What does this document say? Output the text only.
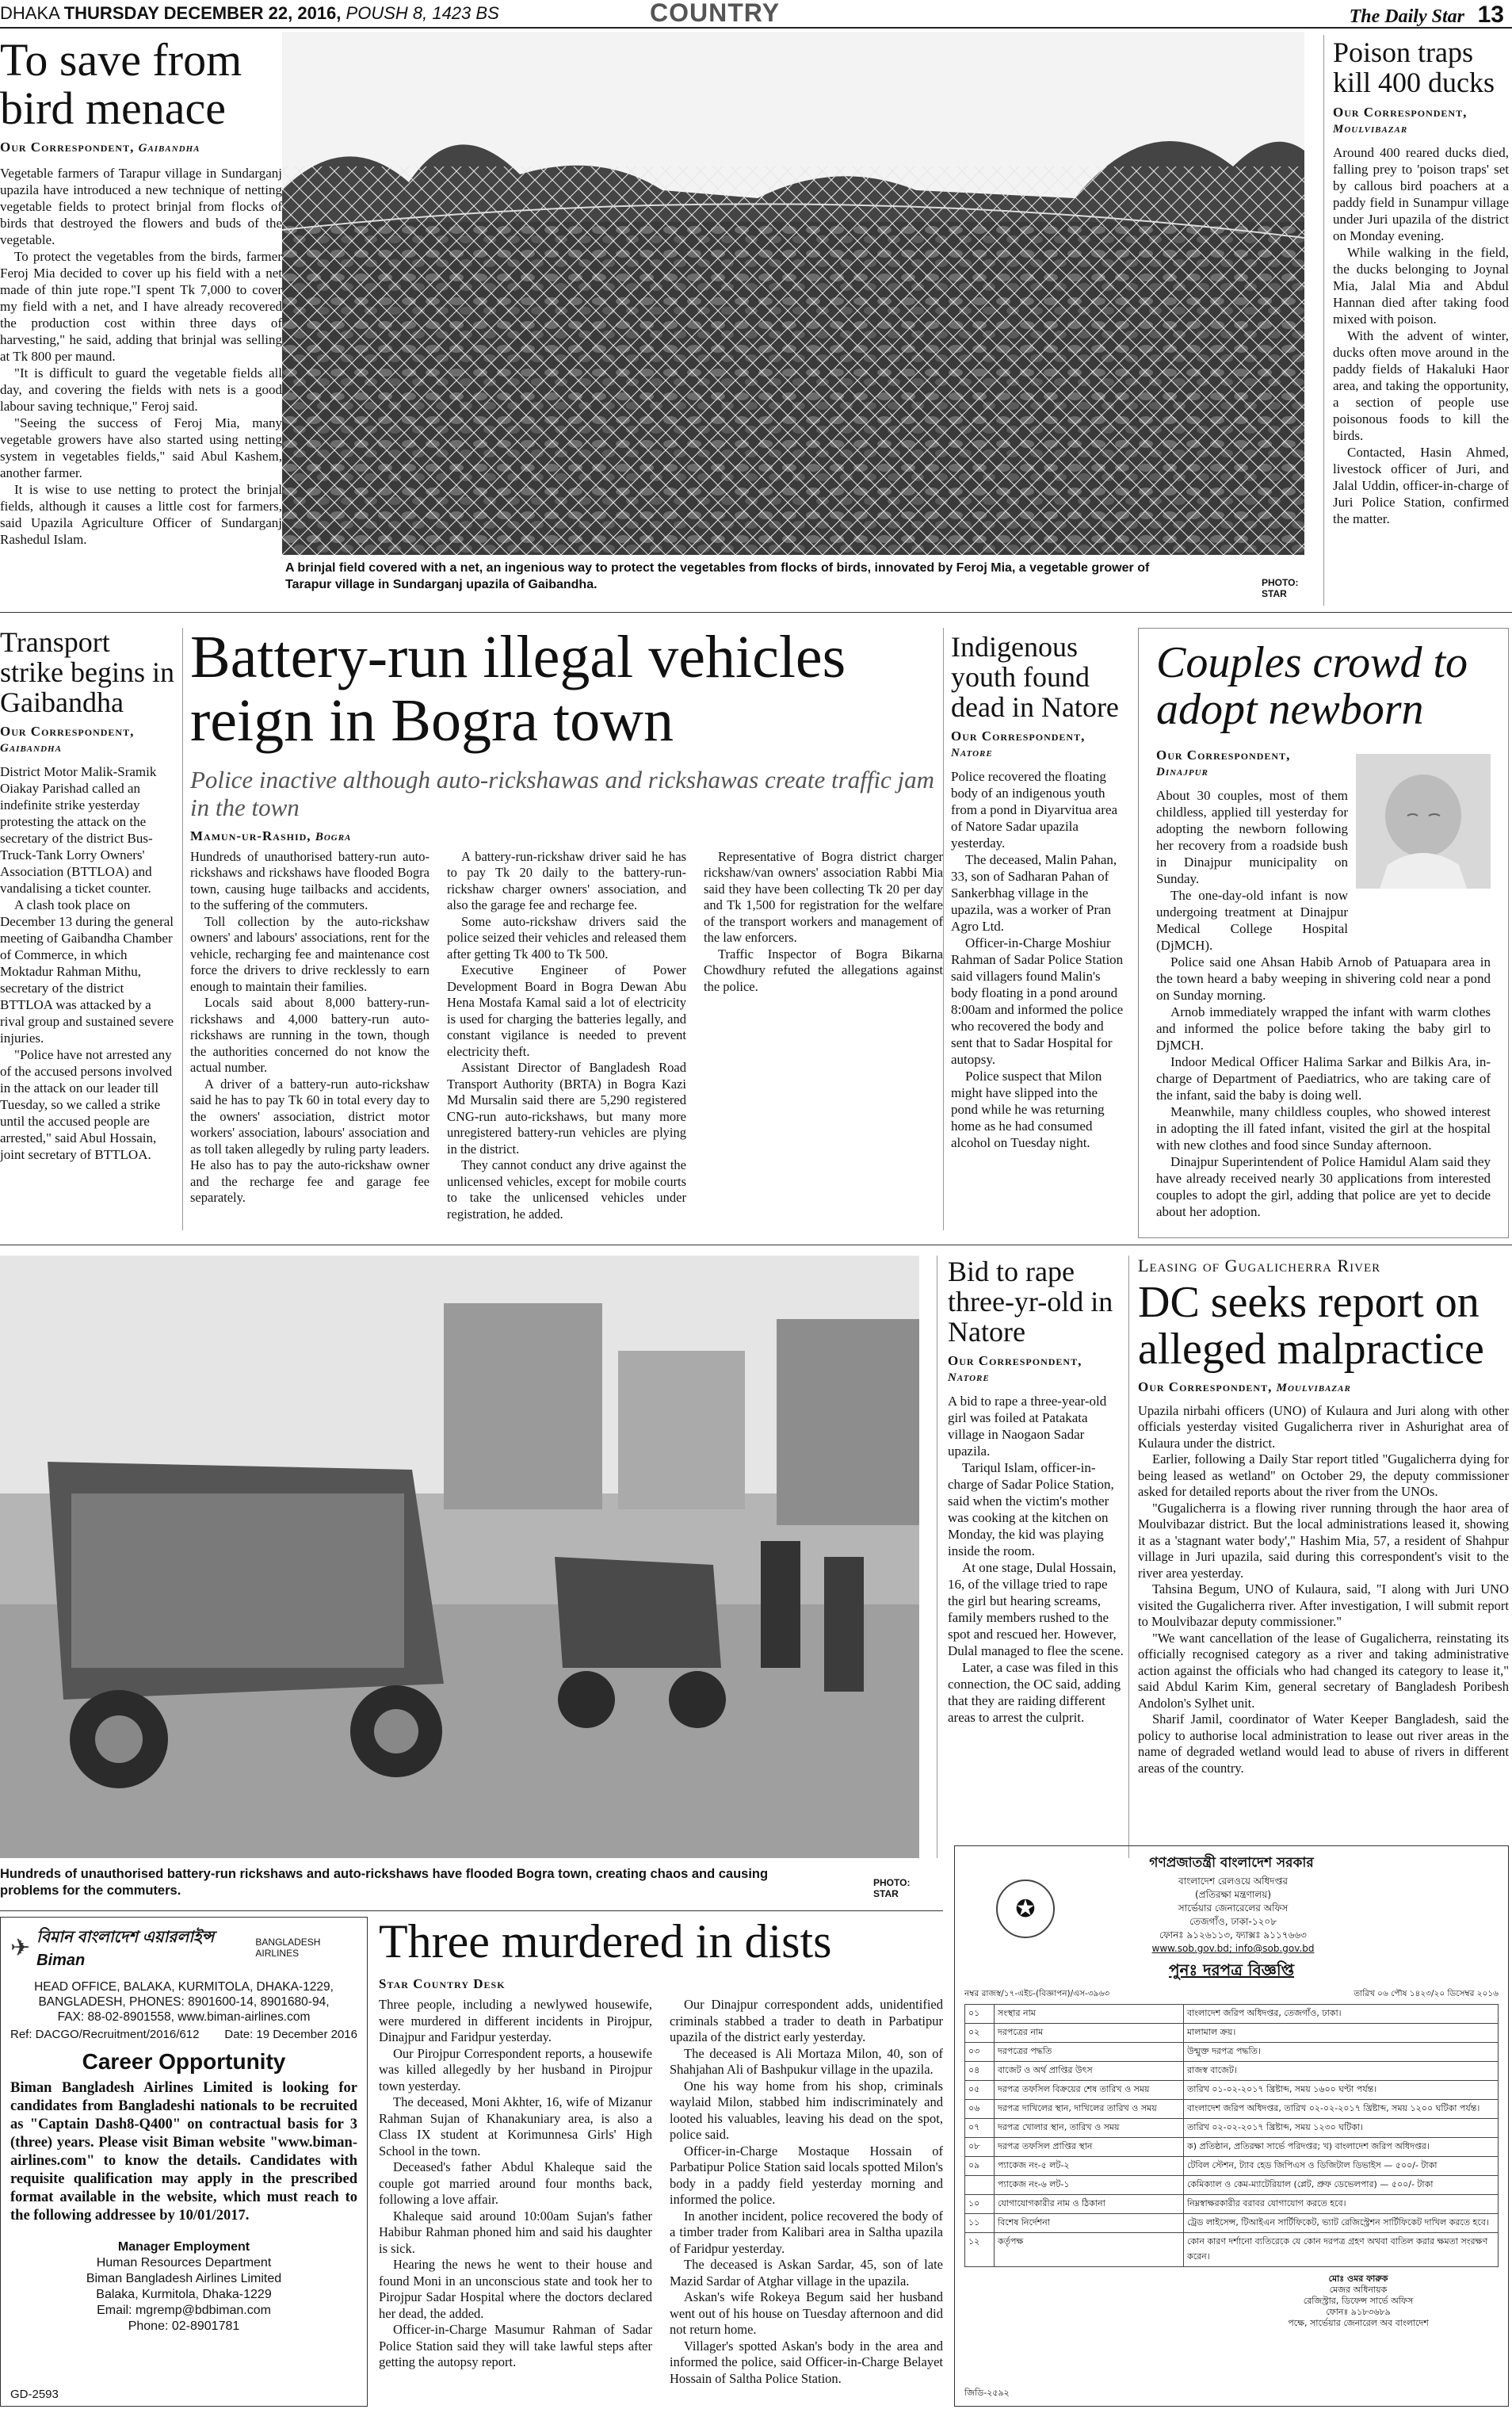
DHAKA THURSDAY DECEMBER 22, 2016, POUSH 8, 1423 BS	COUNTRY	The Daily Star 13
To save from bird menace
Our Correspondent, Gaibandha

Vegetable farmers of Tarapur village in Sundarganj upazila have introduced a new technique of netting vegetable fields to protect brinjal from flocks of birds that destroyed the flowers and buds of the vegetable.

To protect the vegetables from the birds, farmer Feroj Mia decided to cover up his field with a net made of thin jute rope."I spent Tk 7,000 to cover my field with a net, and I have already recovered the production cost within three days of harvesting," he said, adding that brinjal was selling at Tk 800 per maund.

"It is difficult to guard the vegetable fields all day, and covering the fields with nets is a good labour saving technique," Feroj said.

"Seeing the success of Feroj Mia, many vegetable growers have also started using netting system in vegetables fields," said Abul Kashem, another farmer.

It is wise to use netting to protect the brinjal fields, although it causes a little cost for farmers, said Upazila Agriculture Officer of Sundarganj Rashedul Islam.

A brinjal field covered with a net, an ingenious way to protect the vegetables from flocks of birds, innovated by Feroj Mia, a vegetable grower of Tarapur village in Sundarganj upazila of Gaibandha.	PHOTO: STAR
Poison traps kill 400 ducks
Our Correspondent,
Moulvibazar

Around 400 reared ducks died, falling prey to 'poison traps' set by callous bird poachers at a paddy field in Sunampur village under Juri upazila of the district on Monday evening.

While walking in the field, the ducks belonging to Joynal Mia, Jalal Mia and Abdul Hannan died after taking food mixed with poison.

With the advent of winter, ducks often move around in the paddy fields of Hakaluki Haor area, and taking the opportunity, a section of people use poisonous foods to kill the birds.

Contacted, Hasin Ahmed, livestock officer of Juri, and Jalal Uddin, officer-in-charge of Juri Police Station, confirmed the matter.

Transport strike begins in Gaibandha
Our Correspondent,
Gaibandha

District Motor Malik-Sramik Oiakay Parishad called an indefinite strike yesterday protesting the attack on the secretary of the district Bus-Truck-Tank Lorry Owners' Association (BTTLOA) and vandalising a ticket counter.

A clash took place on December 13 during the general meeting of Gaibandha Chamber of Commerce, in which Moktadur Rahman Mithu, secretary of the district BTTLOA was attacked by a rival group and sustained severe injuries.

"Police have not arrested any of the accused persons involved in the attack on our leader till Tuesday, so we called a strike until the accused people are arrested," said Abul Hossain, joint secretary of BTTLOA.

Battery-run illegal vehicles reign in Bogra town
Police inactive although auto-rickshawas and rickshawas create traffic jam in the town
Mamun-ur-Rashid, Bogra

Hundreds of unauthorised battery-run auto-rickshaws and rickshaws have flooded Bogra town, causing huge tailbacks and accidents, to the suffering of the commuters.

Toll collection by the auto-rickshaw owners' and labours' associations, rent for the vehicle, recharging fee and maintenance cost force the drivers to drive recklessly to earn enough to maintain their families.

Locals said about 8,000 battery-run-rickshaws and 4,000 battery-run auto-rickshaws are running in the town, though the authorities concerned do not know the actual number.

A driver of a battery-run auto-rickshaw said he has to pay Tk 60 in total every day to the owners' association, district motor workers' association, labours' association and as toll taken allegedly by ruling party leaders. He also has to pay the auto-rickshaw owner and the recharge fee and garage fee separately.

A battery-run-rickshaw driver said he has to pay Tk 20 daily to the battery-run-rickshaw charger owners' association, and also the garage fee and recharge fee.

Some auto-rickshaw drivers said the police seized their vehicles and released them after getting Tk 400 to Tk 500.

Executive Engineer of Power Development Board in Bogra Dewan Abu Hena Mostafa Kamal said a lot of electricity is used for charging the batteries legally, and constant vigilance is needed to prevent electricity theft.

Assistant Director of Bangladesh Road Transport Authority (BRTA) in Bogra Kazi Md Mursalin said there are 5,290 registered CNG-run auto-rickshaws, but many more unregistered battery-run vehicles are plying in the district.

They cannot conduct any drive against the unlicensed vehicles, except for mobile courts to take the unlicensed vehicles under registration, he added.

Representative of Bogra district charger rickshaw/van owners' association Rabbi Mia said they have been collecting Tk 20 per day and Tk 1,500 for registration for the welfare of the transport workers and management of the law enforcers.

Traffic Inspector of Bogra Bikarna Chowdhury refuted the allegations against the police.

Indigenous youth found dead in Natore
Our Correspondent, Natore

Police recovered the floating body of an indigenous youth from a pond in Diyarvitua area of Natore Sadar upazila yesterday.

The deceased, Malin Pahan, 33, son of Sadharan Pahan of Sankerbhag village in the upazila, was a worker of Pran Agro Ltd.

Officer-in-Charge Moshiur Rahman of Sadar Police Station said villagers found Malin's body floating in a pond around 8:00am and informed the police who recovered the body and sent that to Sadar Hospital for autopsy.

Police suspect that Milon might have slipped into the pond while he was returning home as he had consumed alcohol on Tuesday night.

Couples crowd to adopt newborn
Our Correspondent,
Dinajpur

About 30 couples, most of them childless, applied till yesterday for adopting the newborn following her recovery from a roadside bush in Dinajpur municipality on Sunday.

The one-day-old infant is now undergoing treatment at Dinajpur Medical College Hospital (DjMCH).

Police said one Ahsan Habib Arnob of Patuapara area in the town heard a baby weeping in shivering cold near a pond on Sunday morning.

Arnob immediately wrapped the infant with warm clothes and informed the police before taking the baby girl to DjMCH.

Indoor Medical Officer Halima Sarkar and Bilkis Ara, in-charge of Department of Paediatrics, who are taking care of the infant, said the baby is doing well.

Meanwhile, many childless couples, who showed interest in adopting the ill fated infant, visited the girl at the hospital with new clothes and food since Sunday afternoon.

Dinajpur Superintendent of Police Hamidul Alam said they have already received nearly 30 applications from interested couples to adopt the girl, adding that police are yet to decide about her adoption.

Hundreds of unauthorised battery-run rickshaws and auto-rickshaws have flooded Bogra town, creating chaos and causing problems for the commuters.
PHOTO: STAR
Bid to rape three-yr-old in Natore
Our Correspondent,
Natore

A bid to rape a three-year-old girl was foiled at Patakata village in Naogaon Sadar upazila.

Tariqul Islam, officer-in-charge of Sadar Police Station, said when the victim's mother was cooking at the kitchen on Monday, the kid was playing inside the room.

At one stage, Dulal Hossain, 16, of the village tried to rape the girl but hearing screams, family members rushed to the spot and rescued her. However, Dulal managed to flee the scene.

Later, a case was filed in this connection, the OC said, adding that they are raiding different areas to arrest the culprit.

Leasing of Gugalicherra River
DC seeks report on alleged malpractice
Our Correspondent, Moulvibazar

Upazila nirbahi officers (UNO) of Kulaura and Juri along with other officials yesterday visited Gugalicherra river in Ashurighat area of Kulaura under the district.

Earlier, following a Daily Star report titled "Gugalicherra dying for being leased as wetland" on October 29, the deputy commissioner asked for detailed reports about the river from the UNOs.

"Gugalicherra is a flowing river running through the haor area of Moulvibazar district. But the local administrations leased it, showing it as a 'stagnant water body'," Hashim Mia, 57, a resident of Shahpur village in Juri upazila, said during this correspondent's visit to the river area yesterday.

Tahsina Begum, UNO of Kulaura, said, "I along with Juri UNO visited the Gugalicherra river. After investigation, I will submit report to Moulvibazar deputy commissioner."

"We want cancellation of the lease of Gugalicherra, reinstating its officially recognised category as a river and taking administrative action against the officials who had changed its category to lease it," said Abdul Karim Kim, general secretary of Bangladesh Poribesh Andolon's Sylhet unit.

Sharif Jamil, coordinator of Water Keeper Bangladesh, said the policy to authorise local administration to lease out river areas in the name of degraded wetland would lead to abuse of rivers in different areas of the country.

✈ বিমান বাংলাদেশ এয়ারলাইন্স Biman
BANGLADESH AIRLINES
HEAD OFFICE, BALAKA, KURMITOLA, DHAKA-1229,
BANGLADESH, PHONES: 8901600-14, 8901680-94,
FAX: 88-02-8901558, www.biman-airlines.com
Ref: DACGO/Recruitment/2016/612 Date: 19 December 2016
Career Opportunity
Biman Bangladesh Airlines Limited is looking for candidates from Bangladeshi nationals to be recruited as "Captain Dash8-Q400" on contractual basis for 3 (three) years. Please visit Biman website "www.biman-airlines.com" to know the details. Candidates with requisite qualification may apply in the prescribed format available in the website, which must reach to the following addressee by 10/01/2017.
Manager Employment
Human Resources Department
Biman Bangladesh Airlines Limited
Balaka, Kurmitola, Dhaka-1229
Email: mgremp@bdbiman.com
Phone: 02-8901781
GD-2593
Three murdered in dists
Star Country Desk

Three people, including a newlywed housewife, were murdered in different incidents in Pirojpur, Dinajpur and Faridpur yesterday.

Our Pirojpur Correspondent reports, a housewife was killed allegedly by her husband in Pirojpur town yesterday.

The deceased, Moni Akhter, 16, wife of Mizanur Rahman Sujan of Khanakuniary area, is also a Class IX student at Korimunnesa Girls' High School in the town.

Deceased's father Abdul Khaleque said the couple got married around four months back, following a love affair.

Khaleque said around 10:00am Sujan's father Habibur Rahman phoned him and said his daughter is sick.

Hearing the news he went to their house and found Moni in an unconscious state and took her to Pirojpur Sadar Hospital where the doctors declared her dead, the added.

Officer-in-Charge Masumur Rahman of Sadar Police Station said they will take lawful steps after getting the autopsy report.

Our Dinajpur correspondent adds, unidentified criminals stabbed a trader to death in Parbatipur upazila of the district early yesterday.

The deceased is Ali Mortaza Milon, 40, son of Shahjahan Ali of Bashpukur village in the upazila.

One his way home from his shop, criminals waylaid Milon, stabbed him indiscriminately and looted his valuables, leaving his dead on the spot, police said.

Officer-in-Charge Mostaque Hossain of Parbatipur Police Station said locals spotted Milon's body in a paddy field yesterday morning and informed the police.

In another incident, police recovered the body of a timber trader from Kalibari area in Saltha upazila of Faridpur yesterday.

The deceased is Askan Sardar, 45, son of late Mazid Sardar of Atghar village in the upazila.

Askan's wife Rokeya Begum said her husband went out of his house on Tuesday afternoon and did not return home.

Villager's spotted Askan's body in the area and informed the police, said Officer-in-Charge Belayet Hossain of Saltha Police Station.

গণপ্রজাতন্ত্রী বাংলাদেশ সরকার
✪
বাংলাদেশ রেলওয়ে অধিদপ্তর
(প্রতিরক্ষা মন্ত্রণালয়)
সার্ভেয়ার জেনারেলের অফিস
তেজগাঁও, ঢাকা-১২০৮
ফোনঃ ৯১২৬১১৩, ফ্যাক্সঃ ৯১১৭৬৬৩
www.sob.gov.bd; info@sob.gov.bd
পুনঃ দরপত্র বিজ্ঞপ্তি
নম্বর রাজস্ব/১৭-এইচ-(বিজ্ঞাপন)/এস-৩৯৬৩	তারিখ ০৬ পৌষ ১৪২৩/২০ ডিসেম্বর ২০১৬
০১	সংস্থার নাম	বাংলাদেশ জরিপ অধিদপ্তর, তেজগাঁও, ঢাকা।
০২	দরপত্রের নাম	মালামাল ক্রয়।
০৩	দরপত্রের পদ্ধতি	উন্মুক্ত দরপত্র পদ্ধতি।
০৪	বাজেট ও অর্থ প্রাপ্তির উৎস	রাজস্ব বাজেট।
০৫	দরপত্র তফসিল বিক্রয়ের শেষ তারিখ ও সময়	তারিখ ০১-০২-২০১৭ খ্রিষ্টাব্দ, সময় ১৬০০ ঘণ্টা পর্যন্ত।
০৬	দরপত্র দাখিলের স্থান, দাখিলের তারিখ ও সময়	বাংলাদেশ জরিপ অধিদপ্তর, তারিখ ০২-০২-২০১৭ খ্রিষ্টাব্দ, সময় ১২০০ ঘটিকা পর্যন্ত।
০৭	দরপত্র খোলার স্থান, তারিখ ও সময়	তারিখ ০২-০২-২০১৭ খ্রিষ্টাব্দ, সময় ১২৩০ ঘটিকা।
০৮	দরপত্র তফসিল প্রাপ্তির স্থান	ক) প্রতিষ্ঠান, প্রতিরক্ষা সার্ভে পরিদপ্তর; খ) বাংলাদেশ জরিপ অধিদপ্তর।
০৯	প্যাকেজ নং-৫ লট-২	টেবিল স্টেশন, ট্যাব হেড জিপিএস ও ডিজিটাল ডিভাইস — ৫০০/- টাকা
	প্যাকেজ নং-৬ লট-১	কেমিক্যাল ও কেম-ম্যাটেরিয়াল (প্লেট, প্রুফ ডেভেলপার) — ৫০০/- টাকা
১০	যোগাযোগকারীর নাম ও ঠিকানা	নিম্নস্বাক্ষরকারীর বরাবর যোগাযোগ করতে হবে।
১১	বিশেষ নির্দেশনা	ট্রেড লাইসেন্স, টিআইএন সার্টিফিকেট, ভ্যাট রেজিস্ট্রেশন সার্টিফিকেট দাখিল করতে হবে।
১২	কর্তৃপক্ষ	কোন কারণ দর্শানো ব্যতিরেকে যে কোন দরপত্র গ্রহণ অথবা বাতিল করার ক্ষমতা সংরক্ষণ করেন।
মোঃ ওমর ফারুক
মেজর অধিনায়ক
রেজিস্ট্রার, ডিফেন্স সার্ভে অফিস
ফোনঃ ৯১৮৩৬৮৯
পক্ষে, সার্ভেয়ার জেনারেল অব বাংলাদেশ
জিডি-২৫৯২
